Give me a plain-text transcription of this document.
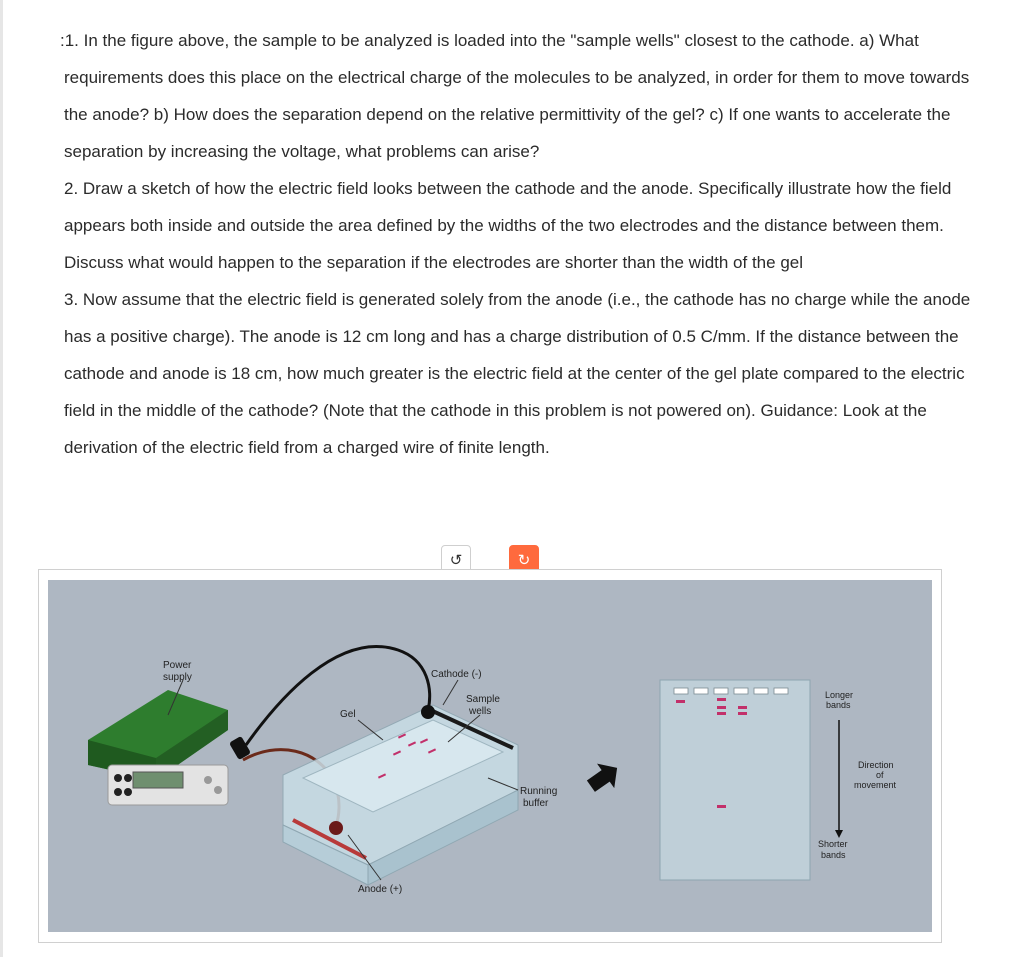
:1. In the figure above, the sample to be analyzed is loaded into the "sample wells" closest to the cathode. a) What requirements does this place on the electrical charge of the molecules to be analyzed, in order for them to move towards the anode? b) How does the separation depend on the relative permittivity of the gel? c) If one wants to accelerate the separation by increasing the voltage, what problems can arise?

2. Draw a sketch of how the electric field looks between the cathode and the anode. Specifically illustrate how the field appears both inside and outside the area defined by the widths of the two electrodes and the distance between them. Discuss what would happen to the separation if the electrodes are shorter than the width of the gel

3. Now assume that the electric field is generated solely from the anode (i.e., the cathode has no charge while the anode has a positive charge). The anode is 12 cm long and has a charge distribution of 0.5 C/mm. If the distance between the cathode and anode is 18 cm, how much greater is the electric field at the center of the gel plate compared to the electric field in the middle of the cathode? (Note that the cathode in this problem is not powered on). Guidance: Look at the derivation of the electric field from a charged wire of finite length.

↺	↻
Power
supply
Gel
Cathode (-)
Sample
wells
Running
buffer
Anode (+)
Longer
bands
Direction
of
movement
Shorter
bands
